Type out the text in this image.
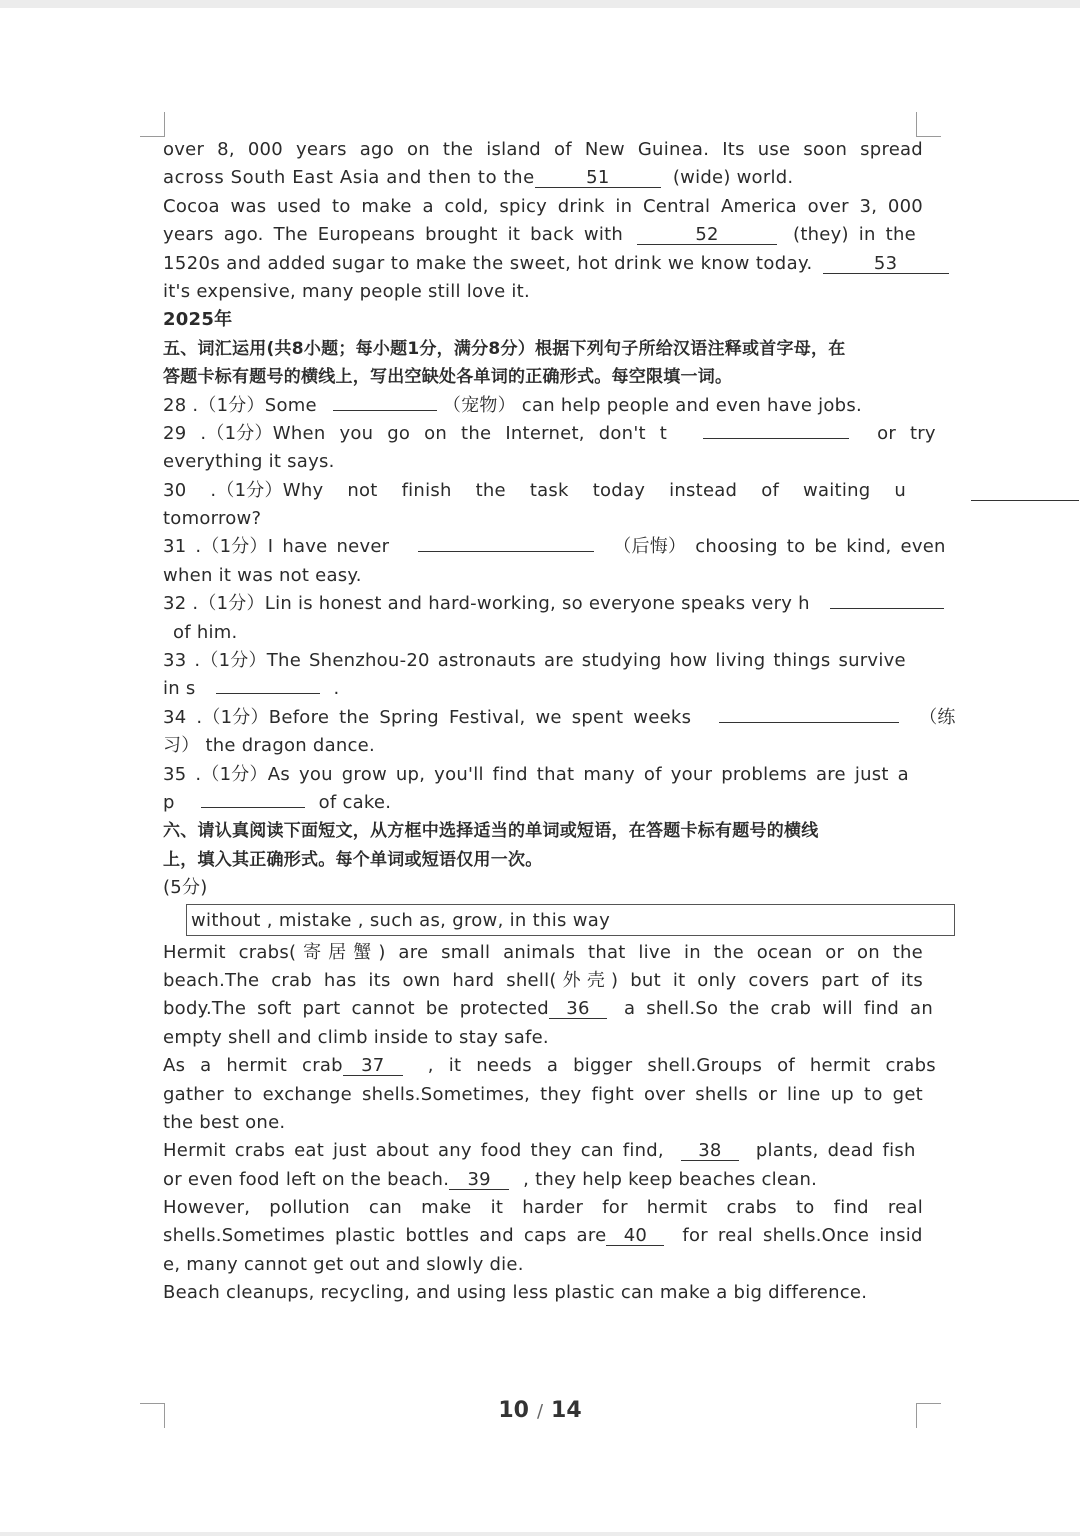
over 8, 000 years ago on the island of New Guinea. Its use soon spread
across South East Asia and then to the	51	(wide) world.
Cocoa was used to make a cold, spicy drink in Central America over 3, 000
years ago. The Europeans brought it back with	52	(they) in the
1520s and added sugar to make the sweet, hot drink we know today.	53
it's expensive, many people still love it.
2025年
五、词汇运用(共8小题；每小题1分，满分8分）根据下列句子所给汉语注释或首字母，在
答题卡标有题号的横线上，写出空缺处各单词的正确形式。每空限填一词。
28 .（1分）Some	（宠物） can help people and even have jobs.
29 .（1分）When you go on the Internet, don't t	or try
everything it says.
30 .（1分）Why not finish the task today instead of waiting u
tomorrow?
31 .（1分）I have never	（后悔） choosing to be kind, even
when it was not easy.
32 .（1分）Lin is honest and hard-working, so everyone speaks very h
of him.
33 .（1分）The Shenzhou-20 astronauts are studying how living things survive
in s	.
34 .（1分）Before the Spring Festival, we spent weeks	（练
习） the dragon dance.
35 .（1分）As you grow up, you'll find that many of your problems are just a
p	of cake.
六、请认真阅读下面短文，从方框中选择适当的单词或短语，在答题卡标有题号的横线
上，填入其正确形式。每个单词或短语仅用一次。
(5分)
without , mistake , such as, grow, in this way
Hermit crabs(寄居蟹) are small animals that live in the ocean or on the
beach.The crab has its own hard shell(外壳) but it only covers part of its
body.The soft part cannot be protected 36 a shell.So the crab will find an
empty shell and climb inside to stay safe.
As a hermit crab 37 , it needs a bigger shell.Groups of hermit crabs
gather to exchange shells.Sometimes, they fight over shells or line up to get
the best one.
Hermit crabs eat just about any food they can find, 38 plants, dead fish
or even food left on the beach. 39 , they help keep beaches clean.
However, pollution can make it harder for hermit crabs to find real
shells.Sometimes plastic bottles and caps are 40 for real shells.Once insid
e, many cannot get out and slowly die.
Beach cleanups, recycling, and using less plastic can make a big difference.
10 / 14
